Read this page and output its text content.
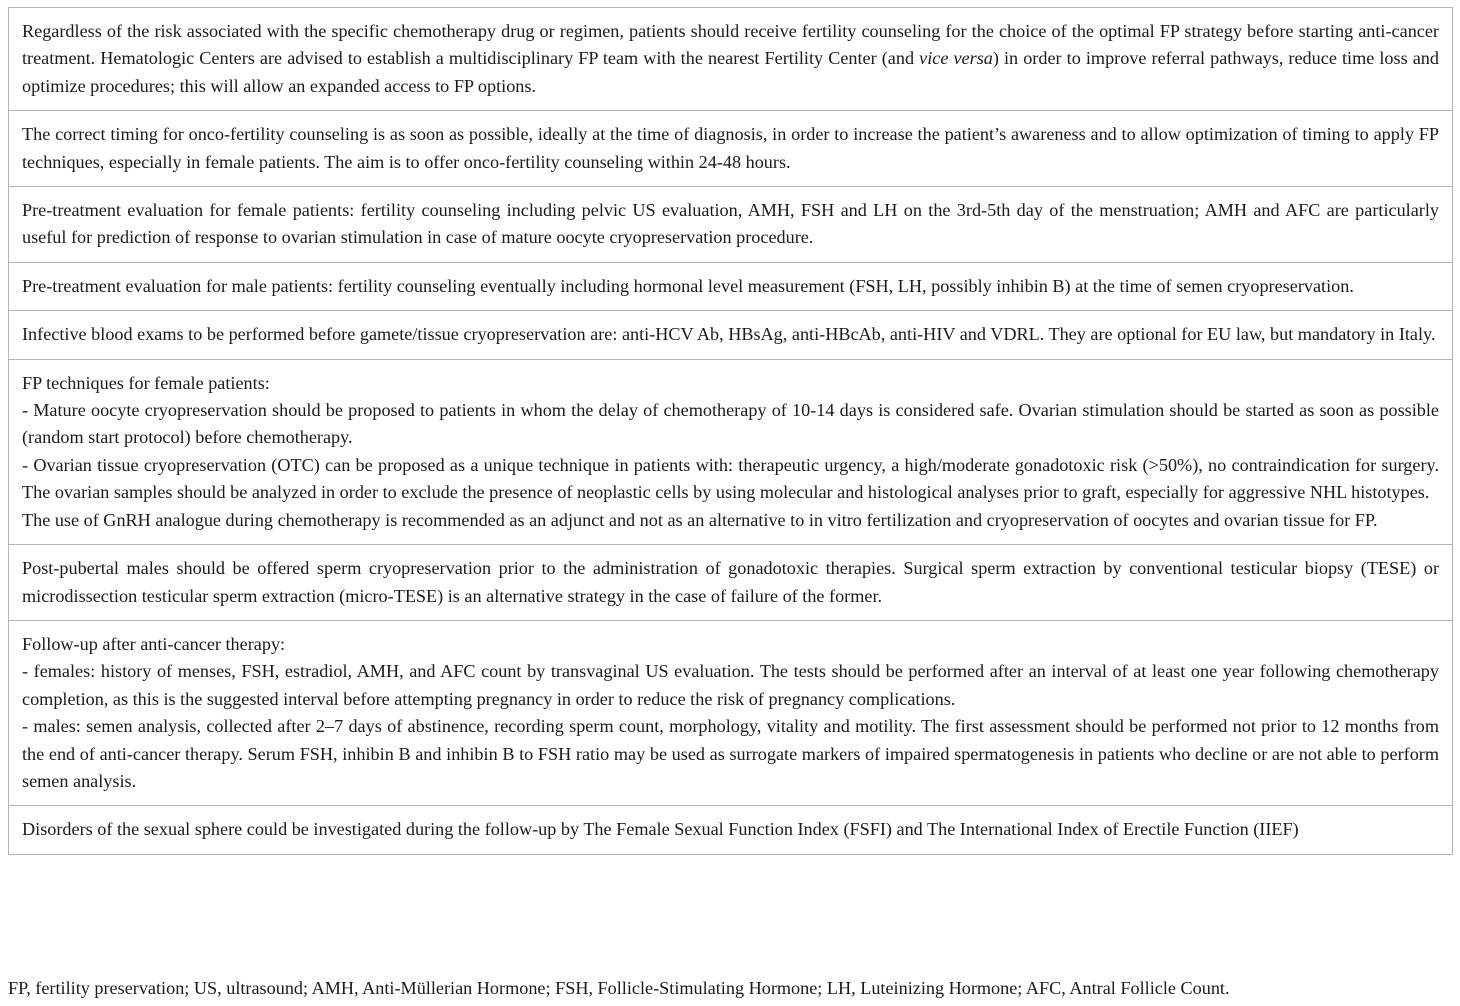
Regardless of the risk associated with the specific chemotherapy drug or regimen, patients should receive fertility counseling for the choice of the optimal FP strategy before starting anti-cancer treatment. Hematologic Centers are advised to establish a multidisciplinary FP team with the nearest Fertility Center (and vice versa) in order to improve referral pathways, reduce time loss and optimize procedures; this will allow an expanded access to FP options.
The correct timing for onco-fertility counseling is as soon as possible, ideally at the time of diagnosis, in order to increase the patient’s awareness and to allow optimization of timing to apply FP techniques, especially in female patients. The aim is to offer onco-fertility counseling within 24-48 hours.
Pre-treatment evaluation for female patients: fertility counseling including pelvic US evaluation, AMH, FSH and LH on the 3rd-5th day of the menstruation; AMH and AFC are particularly useful for prediction of response to ovarian stimulation in case of mature oocyte cryopreservation procedure.
Pre-treatment evaluation for male patients: fertility counseling eventually including hormonal level measurement (FSH, LH, possibly inhibin B) at the time of semen cryopreservation.
Infective blood exams to be performed before gamete/tissue cryopreservation are: anti-HCV Ab, HBsAg, anti-HBcAb, anti-HIV and VDRL. They are optional for EU law, but mandatory in Italy.

FP techniques for female patients:
- Mature oocyte cryopreservation should be proposed to patients in whom the delay of chemotherapy of 10-14 days is considered safe. Ovarian stimulation should be started as soon as possible (random start protocol) before chemotherapy.
- Ovarian tissue cryopreservation (OTC) can be proposed as a unique technique in patients with: therapeutic urgency, a high/moderate gonadotoxic risk (>50%), no contraindication for surgery. The ovarian samples should be analyzed in order to exclude the presence of neoplastic cells by using molecular and histological analyses prior to graft, especially for aggressive NHL histotypes.
The use of GnRH analogue during chemotherapy is recommended as an adjunct and not as an alternative to in vitro fertilization and cryopreservation of oocytes and ovarian tissue for FP.

Post-pubertal males should be offered sperm cryopreservation prior to the administration of gonadotoxic therapies. Surgical sperm extraction by conventional testicular biopsy (TESE) or microdissection testicular sperm extraction (micro-TESE) is an alternative strategy in the case of failure of the former.

Follow-up after anti-cancer therapy:
- females: history of menses, FSH, estradiol, AMH, and AFC count by transvaginal US evaluation. The tests should be performed after an interval of at least one year following chemotherapy completion, as this is the suggested interval before attempting pregnancy in order to reduce the risk of pregnancy complications.
- males: semen analysis, collected after 2–7 days of abstinence, recording sperm count, morphology, vitality and motility. The first assessment should be performed not prior to 12 months from the end of anti-cancer therapy. Serum FSH, inhibin B and inhibin B to FSH ratio may be used as surrogate markers of impaired spermatogenesis in patients who decline or are not able to perform semen analysis.

Disorders of the sexual sphere could be investigated during the follow-up by The Female Sexual Function Index (FSFI) and The International Index of Erectile Function (IIEF)
FP, fertility preservation; US, ultrasound; AMH, Anti-Müllerian Hormone; FSH, Follicle-Stimulating Hormone; LH, Luteinizing Hormone; AFC, Antral Follicle Count.
